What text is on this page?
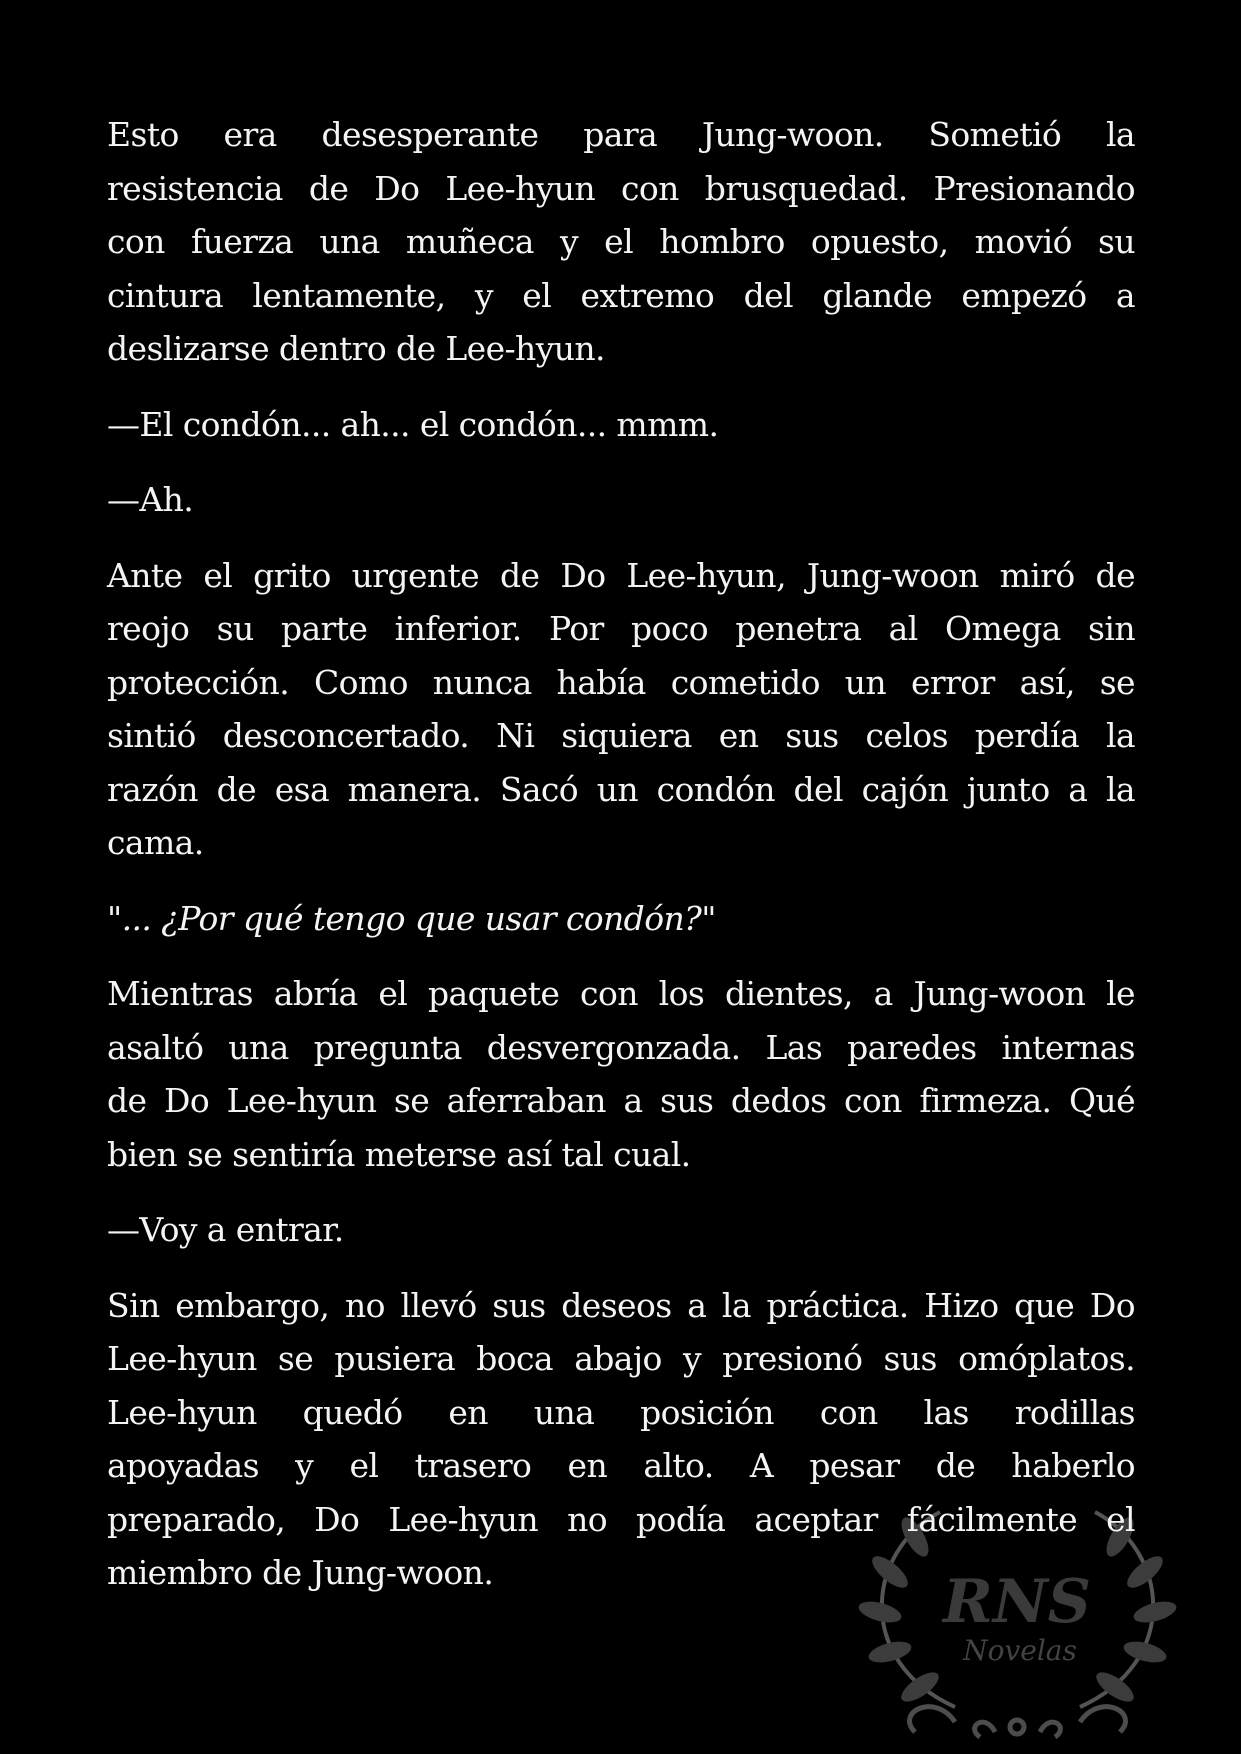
RNS
Novelas
Esto era desesperante para Jung-woon. Sometió la
resistencia de Do Lee-hyun con brusquedad. Presionando
con fuerza una muñeca y el hombro opuesto, movió su
cintura lentamente, y el extremo del glande empezó a
deslizarse dentro de Lee-hyun.
—El condón... ah... el condón... mmm.
—Ah.
Ante el grito urgente de Do Lee-hyun, Jung-woon miró de
reojo su parte inferior. Por poco penetra al Omega sin
protección. Como nunca había cometido un error así, se
sintió desconcertado. Ni siquiera en sus celos perdía la
razón de esa manera. Sacó un condón del cajón junto a la
cama.
"... ¿Por qué tengo que usar condón?"
Mientras abría el paquete con los dientes, a Jung-woon le
asaltó una pregunta desvergonzada. Las paredes internas
de Do Lee-hyun se aferraban a sus dedos con firmeza. Qué
bien se sentiría meterse así tal cual.
—Voy a entrar.
Sin embargo, no llevó sus deseos a la práctica. Hizo que Do
Lee-hyun se pusiera boca abajo y presionó sus omóplatos.
Lee-hyun quedó en una posición con las rodillas
apoyadas y el trasero en alto. A pesar de haberlo
preparado, Do Lee-hyun no podía aceptar fácilmente el
miembro de Jung-woon.
